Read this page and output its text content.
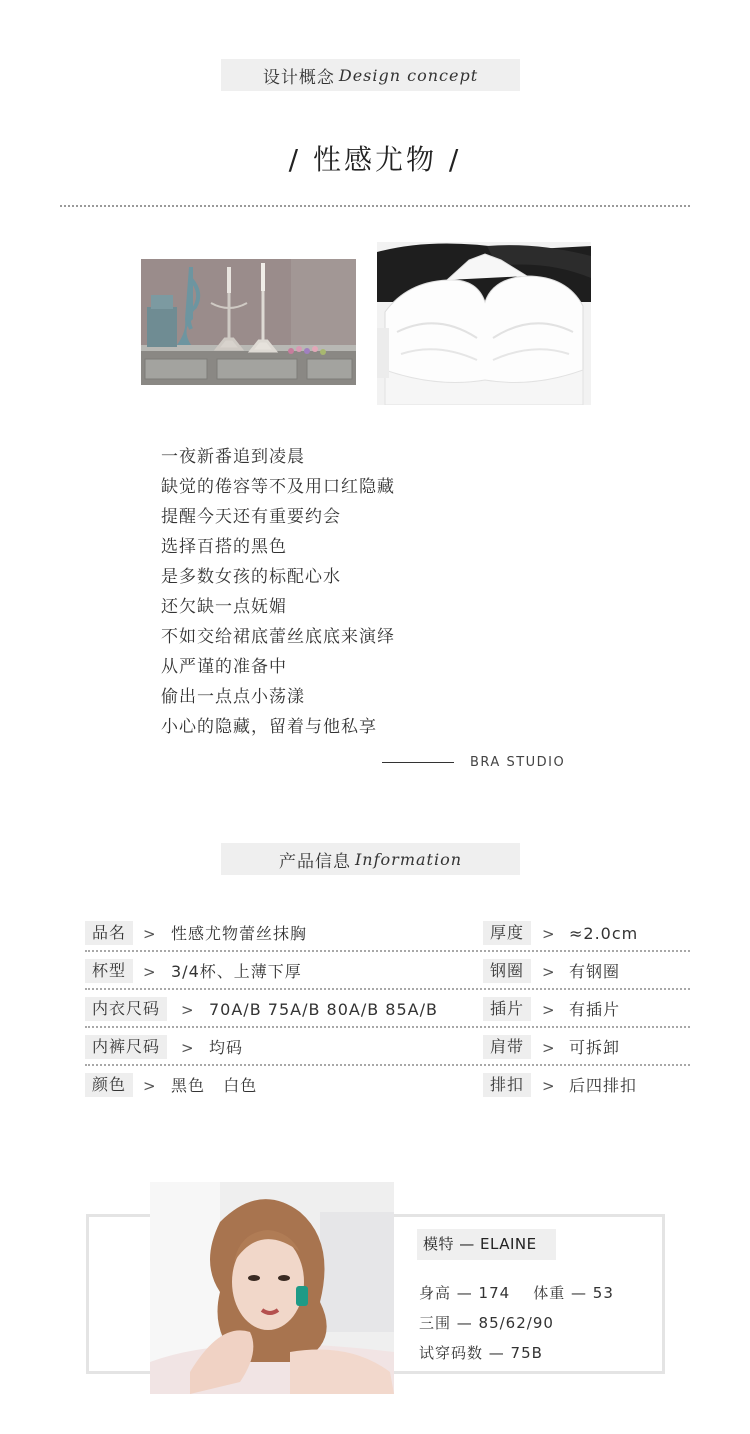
设计概念 Design concept
/ 性感尤物 /
一夜新番追到凌晨
缺觉的倦容等不及用口红隐藏
提醒今天还有重要约会
选择百搭的黑色
是多数女孩的标配心水
还欠缺一点妩媚
不如交给裙底蕾丝底底来演绎
从严谨的准备中
偷出一点点小荡漾
小心的隐藏，留着与他私享
BRA STUDIO
产品信息 Information
品名	> 性感尤物蕾丝抹胸	厚度	> ≈2.0cm
杯型	> 3/4杯、上薄下厚	钢圈	> 有钢圈
内衣尺码	> 70A/B 75A/B 80A/B 85A/B	插片	> 有插片
内裤尺码	> 均码	肩带	> 可拆卸
颜色	> 黑色   白色	排扣	> 后四排扣
模特 — ELAINE
身高 — 174    体重 — 53
三围 — 85/62/90
试穿码数 — 75B
